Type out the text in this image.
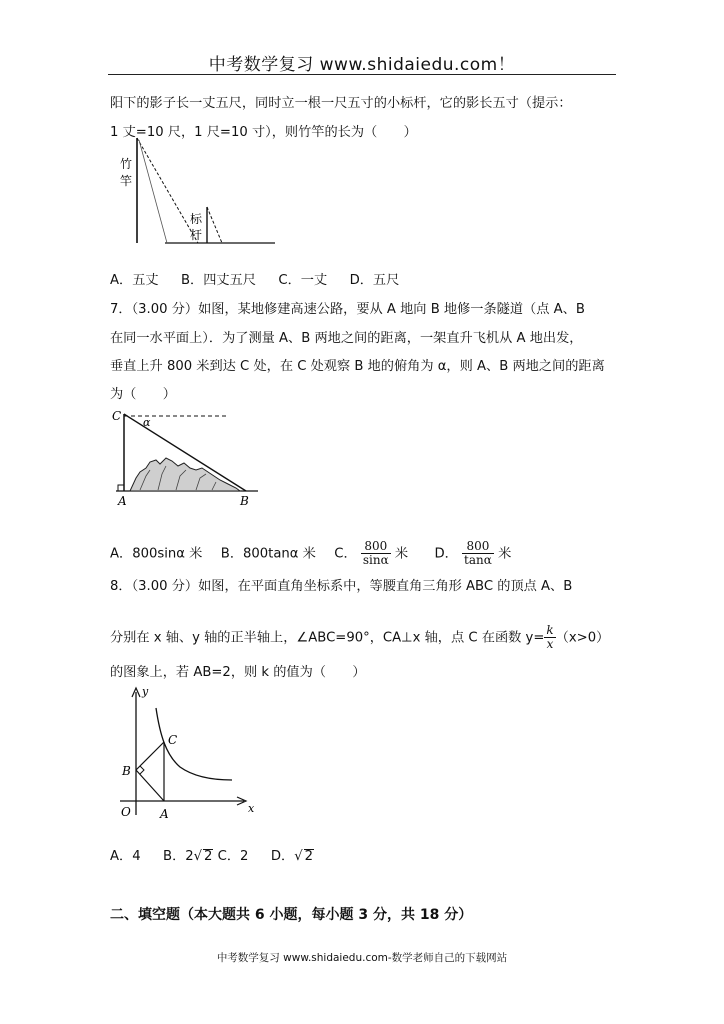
中考数学复习 www.shidaiedu.com！
阳下的影子长一丈五尺，同时立一根一尺五寸的小标杆，它的影长五寸（提示：
1 丈=10 尺，1 尺=10 寸），则竹竿的长为（　　）
竹
竿
标
杆
A．五丈 B．四丈五尺 C．一丈 D．五尺
7．（3.00 分）如图，某地修建高速公路，要从 A 地向 B 地修一条隧道（点 A、B
在同一水平面上）．为了测量 A、B 两地之间的距离，一架直升飞机从 A 地出发，
垂直上升 800 米到达 C 处，在 C 处观察 B 地的俯角为 α，则 A、B 两地之间的距离
为（　　）
C α
A	B
A．800sinα 米 B．800tanα 米 C． $\frac{800}{\sin\alpha}$ 米 D． $\frac{800}{\tan\alpha}$ 米
8．（3.00 分）如图，在平面直角坐标系中，等腰直角三角形 ABC 的顶点 A、B
分别在 x 轴、y 轴的正半轴上，∠ABC=90°，CA⊥x 轴，点 C 在函数 $y= \frac{k}{x} (x>0)$
的图象上，若 AB=2，则 k 的值为（　　）
y
x
O A
B
C
A．4 B．2√ 2 C．2 D．√ 2
二、填空题（本大题共 6 小题，每小题 3 分，共 18 分）
中考数学复习 www.shidaiedu.com-数学老师自己的下载网站
